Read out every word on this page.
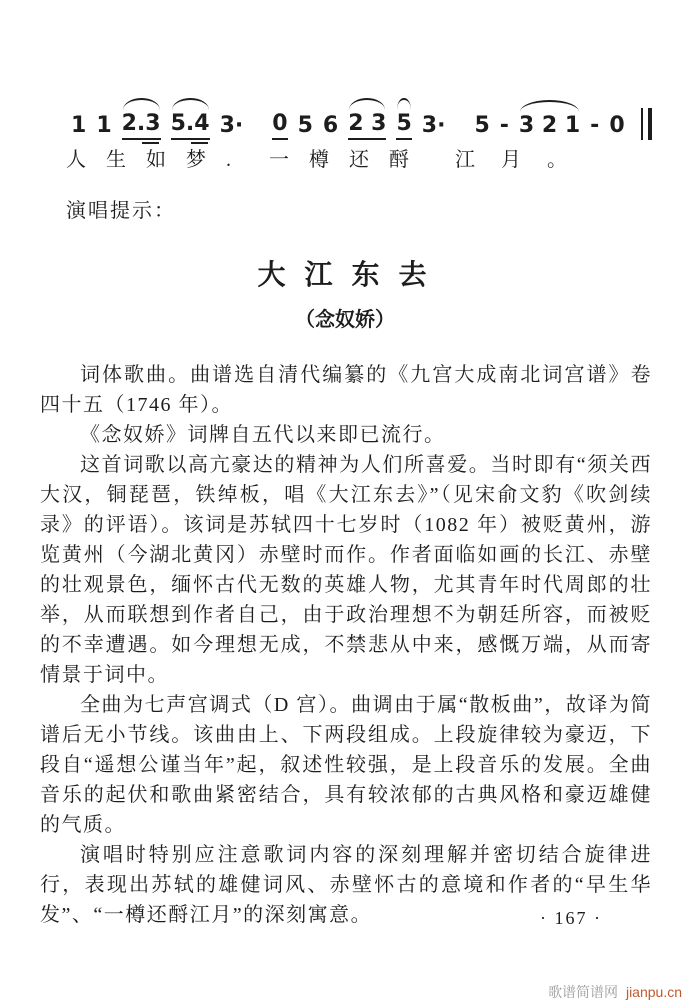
1 1 2.3 5.4 3· 0 5 6 2 3 5 3· 5 - 3 2 1 - 0
人生如梦. 一樽还酹 江月。
演唱提示：
大 江 东 去
（念奴娇）

词体歌曲。曲谱选自清代编纂的《九宫大成南北词宫谱》卷四十五（1746 年）。

《念奴娇》词牌自五代以来即已流行。

这首词歌以高亢豪达的精神为人们所喜爱。当时即有“须关西大汉，铜琵琶，铁绰板，唱《大江东去》”（见宋俞文豹《吹剑续录》的评语）。该词是苏轼四十七岁时（1082 年）被贬黄州，游览黄州（今湖北黄冈）赤壁时而作。作者面临如画的长江、赤壁的壮观景色，缅怀古代无数的英雄人物，尤其青年时代周郎的壮举，从而联想到作者自己，由于政治理想不为朝廷所容，而被贬的不幸遭遇。如今理想无成，不禁悲从中来，感慨万端，从而寄情景于词中。

全曲为七声宫调式（D 宫）。曲调由于属“散板曲”，故译为简谱后无小节线。该曲由上、下两段组成。上段旋律较为豪迈，下段自“遥想公谨当年”起，叙述性较强，是上段音乐的发展。全曲音乐的起伏和歌曲紧密结合，具有较浓郁的古典风格和豪迈雄健的气质。

演唱时特别应注意歌词内容的深刻理解并密切结合旋律进行，表现出苏轼的雄健词风、赤壁怀古的意境和作者的“早生华发”、“一樽还酹江月”的深刻寓意。	· 167 ·
歌谱简谱网 jianpu.cn
